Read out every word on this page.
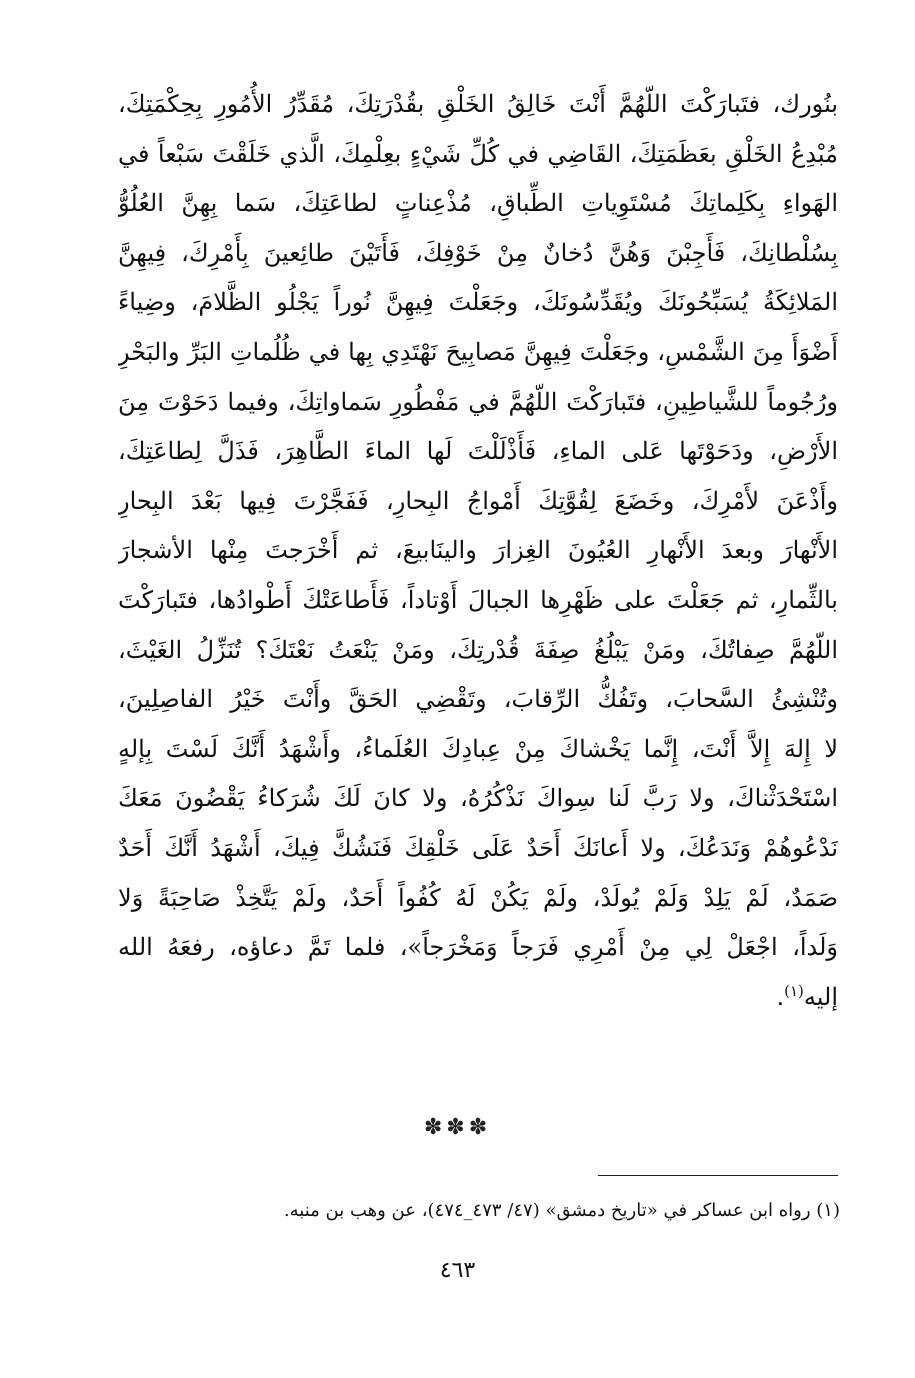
بنُورك، فتَبارَكْتَ اللّهُمَّ أَنْتَ خَالِقُ الخَلْقِ بقُدْرَتِكَ، مُقَدِّرُ الأُمُورِ بِحِكْمَتِكَ،
مُبْدِعُ الخَلْقِ بعَظَمَتِكَ، القَاضِي في كُلِّ شَيْءٍ بعِلْمِكَ، الَّذي خَلَقْتَ سَبْعاً في
الهَواءِ بِكَلِماتِكَ مُسْتَوِياتِ الطِّباقِ، مُذْعِناتٍ لطاعَتِكَ، سَما بِهِنَّ العُلُوُّ
بِسُلْطانِكَ، فَأَجِبْنَ وَهُنَّ دُخانٌ مِنْ خَوْفِكَ، فَأَتَيْنَ طائِعينَ بِأَمْرِكَ، فِيهِنَّ
المَلائِكَةُ يُسَبِّحُونَكَ ويُقَدِّسُونَكَ، وجَعَلْتَ فِيهِنَّ نُوراً يَجْلُو الظَّلامَ، وضِياءً
أَضْوَأَ مِنَ الشَّمْسِ، وجَعَلْتَ فِيهِنَّ مَصابِيحَ نَهْتَدِي بِها في ظُلُماتِ البَرِّ والبَحْرِ
ورُجُوماً للشَّياطِينِ، فتَبارَكْتَ اللّهُمَّ في مَفْطُورِ سَماواتِكَ، وفيما دَحَوْتَ مِنَ
الأَرْضِ، ودَحَوْتَها عَلى الماءِ، فَأَذْلَلْتَ لَها الماءَ الطَّاهِرَ، فَذَلَّ لِطاعَتِكَ،
وأَذْعَنَ لأَمْرِكَ، وخَضَعَ لِقُوَّتِكَ أَمْواجُ البِحارِ، فَفَجَّرْتَ فِيها بَعْدَ البِحارِ
الأَنْهارَ وبعدَ الأَنْهارِ العُيُونَ الغِزارَ والينَابيعَ، ثم أَخْرَجتَ مِنْها الأشجارَ
بالثِّمارِ، ثم جَعَلْتَ على ظَهْرِها الجبالَ أَوْتاداً، فَأَطاعَتْكَ أَطْوادُها، فتَبارَكْتَ
اللّهُمَّ صِفاتُكَ، ومَنْ يَبْلُغُ صِفَةَ قُدْرتِكَ، ومَنْ يَنْعَتُ نَعْتَكَ؟ تُنَزِّلُ الغَيْثَ،
وتُنْشِئُ السَّحابَ، وتَفُكُّ الرِّقابَ، وتَقْضِي الحَقَّ وأَنْتَ خَيْرُ الفاصِلِينَ،
لا إِلهَ إِلاَّ أَنْتَ، إِنَّما يَخْشاكَ مِنْ عِبادِكَ العُلَماءُ، وأَشْهَدُ أَنَّكَ لَسْتَ بِإلهٍ
اسْتَحْدَثْناكَ، ولا رَبَّ لَنا سِواكَ نَذْكُرُهُ، ولا كانَ لَكَ شُرَكاءُ يَقْضُونَ مَعَكَ
نَدْعُوهُمْ وَنَدَعُكَ، ولا أَعانَكَ أَحَدٌ عَلَى خَلْقِكَ فَنَشُكَّ فِيكَ، أَشْهَدُ أَنَّكَ أَحَدٌ
صَمَدٌ، لَمْ يَلِدْ وَلَمْ يُولَدْ، ولَمْ يَكُنْ لَهُ كُفُواً أَحَدٌ، ولَمْ يَتَّخِذْ صَاحِبَةً وَلا
وَلَداً، اجْعَلْ لِي مِنْ أَمْرِي فَرَجاً وَمَخْرَجاً»، فلما تَمَّ دعاؤه، رفعَهُ الله
إليه$^{(١)}$.
✽✽✽
(١) رواه ابن عساكر في «تاريخ دمشق» (٤٧/ ٤٧٣_٤٧٤)، عن وهب بن منبه.
٤٦٣
